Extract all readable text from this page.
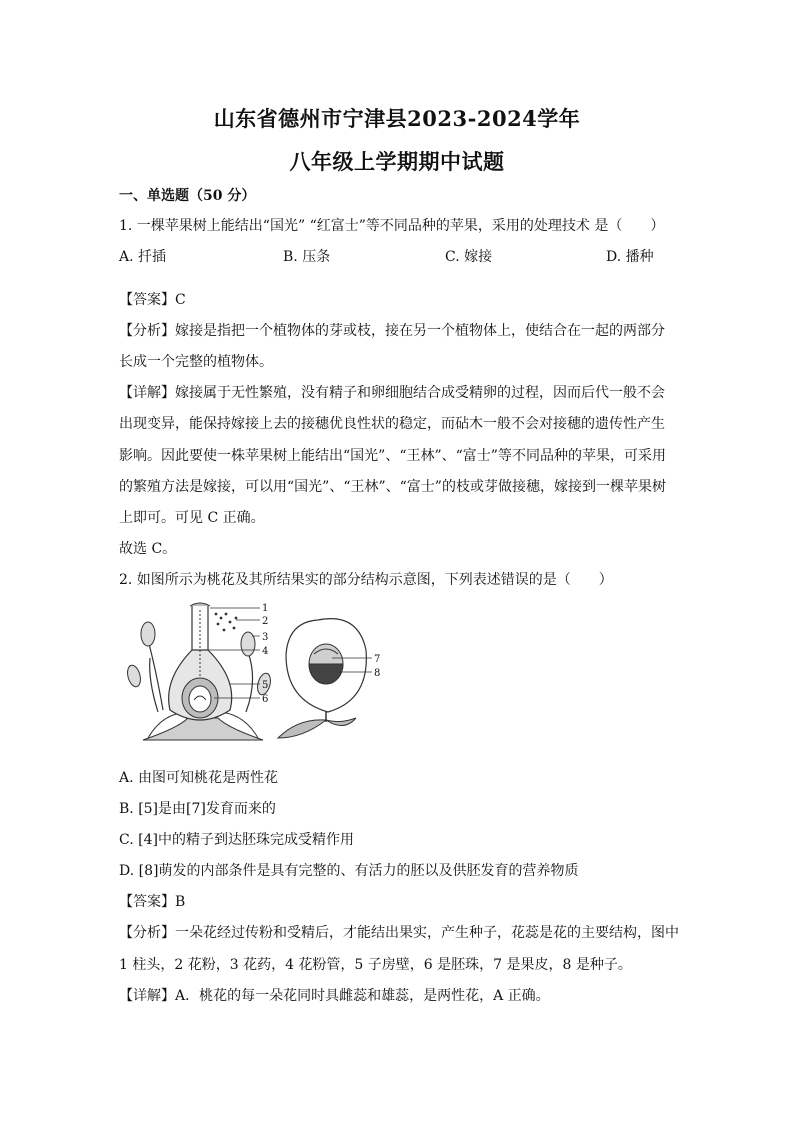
山东省德州市宁津县2023-2024学年
八年级上学期期中试题
一、单选题（50 分）
1. 一棵苹果树上能结出“国光” “红富士”等不同品种的苹果，采用的处理技术 是（　　）
A. 扦插	B. 压条	C. 嫁接	D. 播种
【答案】C
【分析】嫁接是指把一个植物体的芽或枝，接在另一个植物体上，使结合在一起的两部分
长成一个完整的植物体。
【详解】嫁接属于无性繁殖，没有精子和卵细胞结合成受精卵的过程，因而后代一般不会
出现变异，能保持嫁接上去的接穗优良性状的稳定，而砧木一般不会对接穗的遗传性产生
影响。因此要使一株苹果树上能结出“国光”、“王林”、“富士”等不同品种的苹果，可采用
的繁殖方法是嫁接，可以用“国光”、“王林”、“富士”的枝或芽做接穗，嫁接到一棵苹果树
上即可。可见 C 正确。
故选 C。
2. 如图所示为桃花及其所结果实的部分结构示意图，下列表述错误的是（　　）
1
2
3
4
5
6
7
8
A. 由图可知桃花是两性花
B. [5]是由[7]发育而来的
C. [4]中的精子到达胚珠完成受精作用
D. [8]萌发的内部条件是具有完整的、有活力的胚以及供胚发育的营养物质
【答案】B
【分析】一朵花经过传粉和受精后，才能结出果实，产生种子，花蕊是花的主要结构，图中
1 柱头，2 花粉，3 花药，4 花粉管，5 子房壁，6 是胚珠，7 是果皮，8 是种子。
【详解】A．桃花的每一朵花同时具雌蕊和雄蕊，是两性花，A 正确。
